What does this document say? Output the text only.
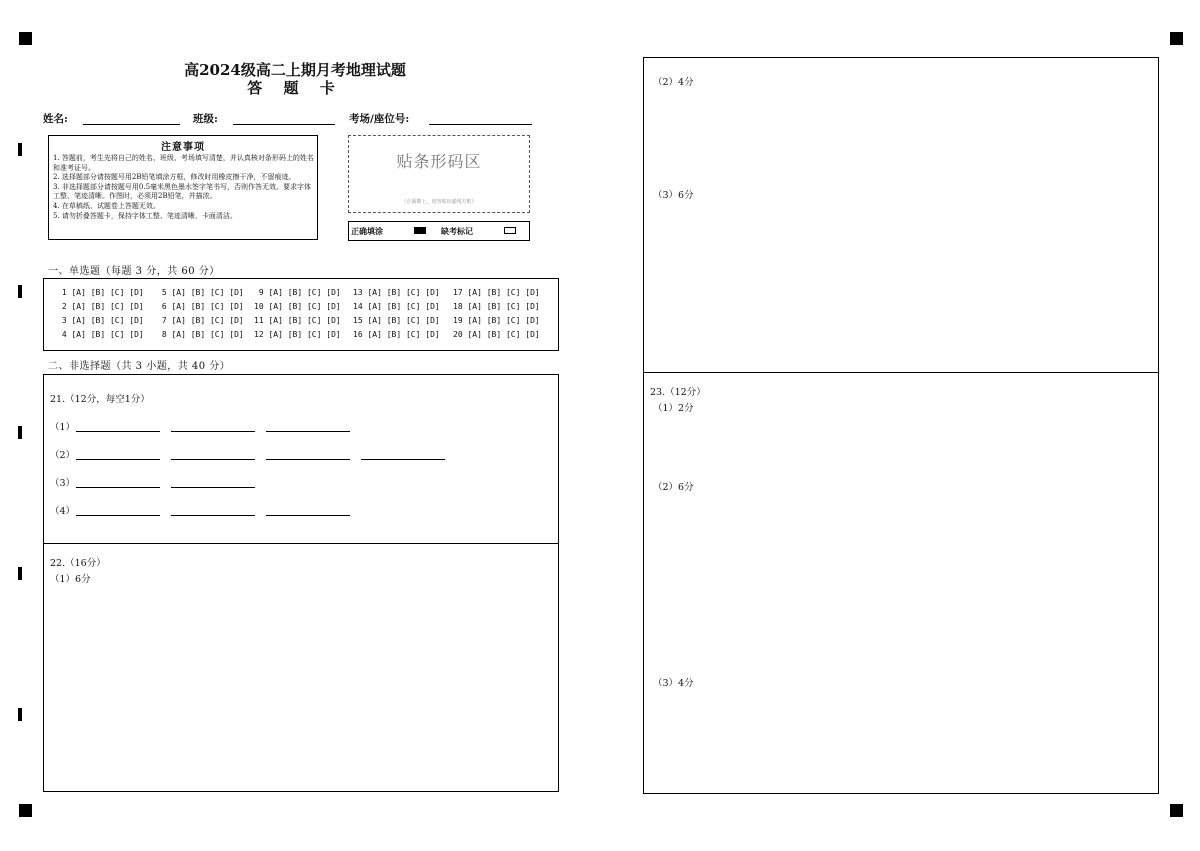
高2024级高二上期月考地理试题
答 题 卡
姓名:	班级:	考场/座位号:
注意事项
1. 答题前，考生先将自己的姓名、班级、考场填写清楚，并认真核对条形码上的姓名和准考证号。
2. 选择题部分请按题号用2B铅笔填涂方框，修改时用橡皮擦干净，不留痕迹。
3. 非选择题部分请按题号用0.5毫米黑色墨水签字笔书写，否则作答无效。要求字体工整、笔迹清晰。作图时，必须用2B铅笔，并描浓。
4. 在草稿纸、试题卷上答题无效。
5. 请勿折叠答题卡，保持字体工整、笔迹清晰、卡面清洁。
贴条形码区
（正面朝上，切勿贴出虚线方框）
正确填涂	缺考标记
一、单选题（每题 3 分，共 60 分）
1 [A] [B] [C] [D]
2 [A] [B] [C] [D]
3 [A] [B] [C] [D]
4 [A] [B] [C] [D]
5 [A] [B] [C] [D]
6 [A] [B] [C] [D]
7 [A] [B] [C] [D]
8 [A] [B] [C] [D]
9 [A] [B] [C] [D]
10 [A] [B] [C] [D]
11 [A] [B] [C] [D]
12 [A] [B] [C] [D]
13 [A] [B] [C] [D]
14 [A] [B] [C] [D]
15 [A] [B] [C] [D]
16 [A] [B] [C] [D]
17 [A] [B] [C] [D]
18 [A] [B] [C] [D]
19 [A] [B] [C] [D]
20 [A] [B] [C] [D]
二、非选择题（共 3 小题，共 40 分）
21.（12分，每空1分）
（1）
（2）
（3）
（4）
22.（16分）
（1）6分
（2）4分
（3）6分
23.（12分）
（1）2分
（2）6分
（3）4分
